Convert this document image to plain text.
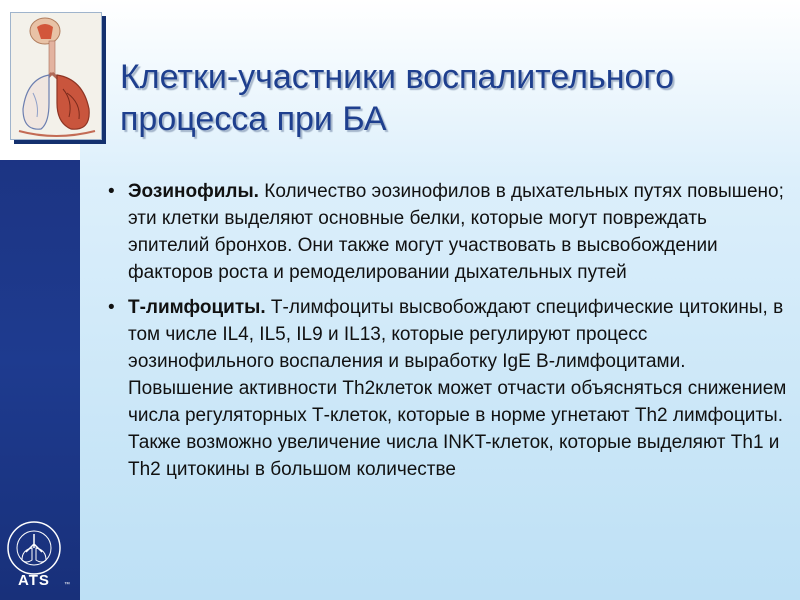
Клетки-участники воспалительного
процесса при БА
• Эозинофилы. Количество эозинофилов в дыхательных путях повышено; эти клетки выделяют основные белки, которые могут повреждать эпителий бронхов. Они также могут участвовать в высвобождении факторов роста и ремоделировании дыхательных путей
• Т-лимфоциты. Т-лимфоциты высвобождают специфические цитокины, в том числе IL4, IL5, IL9 и IL13, которые регулируют процесс эозинофильного воспаления и выработку IgE B-лимфоцитами. Повышение активности Th2клеток может отчасти объясняться снижением числа регуляторных Т-клеток, которые в норме угнетают Th2 лимфоциты. Также возможно увеличение числа INKT-клеток, которые выделяют Th1 и Th2 цитокины в большом количестве
ATS	™
